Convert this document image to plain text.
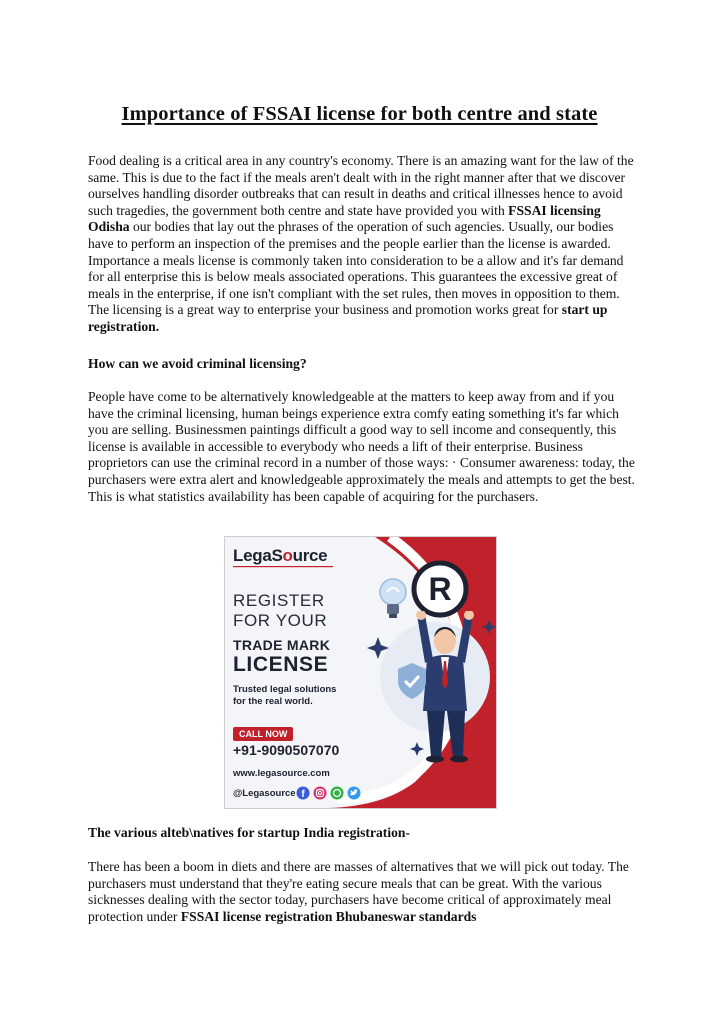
Importance of FSSAI license for both centre and state

Food dealing is a critical area in any country's economy. There is an amazing want for the law of the same. This is due to the fact if the meals aren't dealt with in the right manner after that we discover ourselves handling disorder outbreaks that can result in deaths and critical illnesses hence to avoid such tragedies, the government both centre and state have provided you with FSSAI licensing Odisha our bodies that lay out the phrases of the operation of such agencies. Usually, our bodies have to perform an inspection of the premises and the people earlier than the license is awarded. Importance a meals license is commonly taken into consideration to be a allow and it's far demand for all enterprise this is below meals associated operations. This guarantees the excessive great of meals in the enterprise, if one isn't compliant with the set rules, then moves in opposition to them. The licensing is a great way to enterprise your business and promotion works great for start up registration.

How can we avoid criminal licensing?

People have come to be alternatively knowledgeable at the matters to keep away from and if you have the criminal licensing, human beings experience extra comfy eating something it's far which you are selling. Businessmen paintings difficult a good way to sell income and consequently, this license is available in accessible to everybody who needs a lift of their enterprise. Business proprietors can use the criminal record in a number of those ways: · Consumer awareness: today, the purchasers were extra alert and knowledgeable approximately the meals and attempts to get the best. This is what statistics availability has been capable of acquiring for the purchasers.

R
LegaSource
REGISTER
FOR YOUR
TRADE MARK
LICENSE
Trusted legal solutions
for the real world.
CALL NOW
+91-9090507070
www.legasource.com
@Legasource f

The various alteb\natives for startup India registration-

There has been a boom in diets and there are masses of alternatives that we will pick out today. The purchasers must understand that they're eating secure meals that can be great. With the various sicknesses dealing with the sector today, purchasers have become critical of approximately meal protection under FSSAI license registration Bhubaneswar standards
